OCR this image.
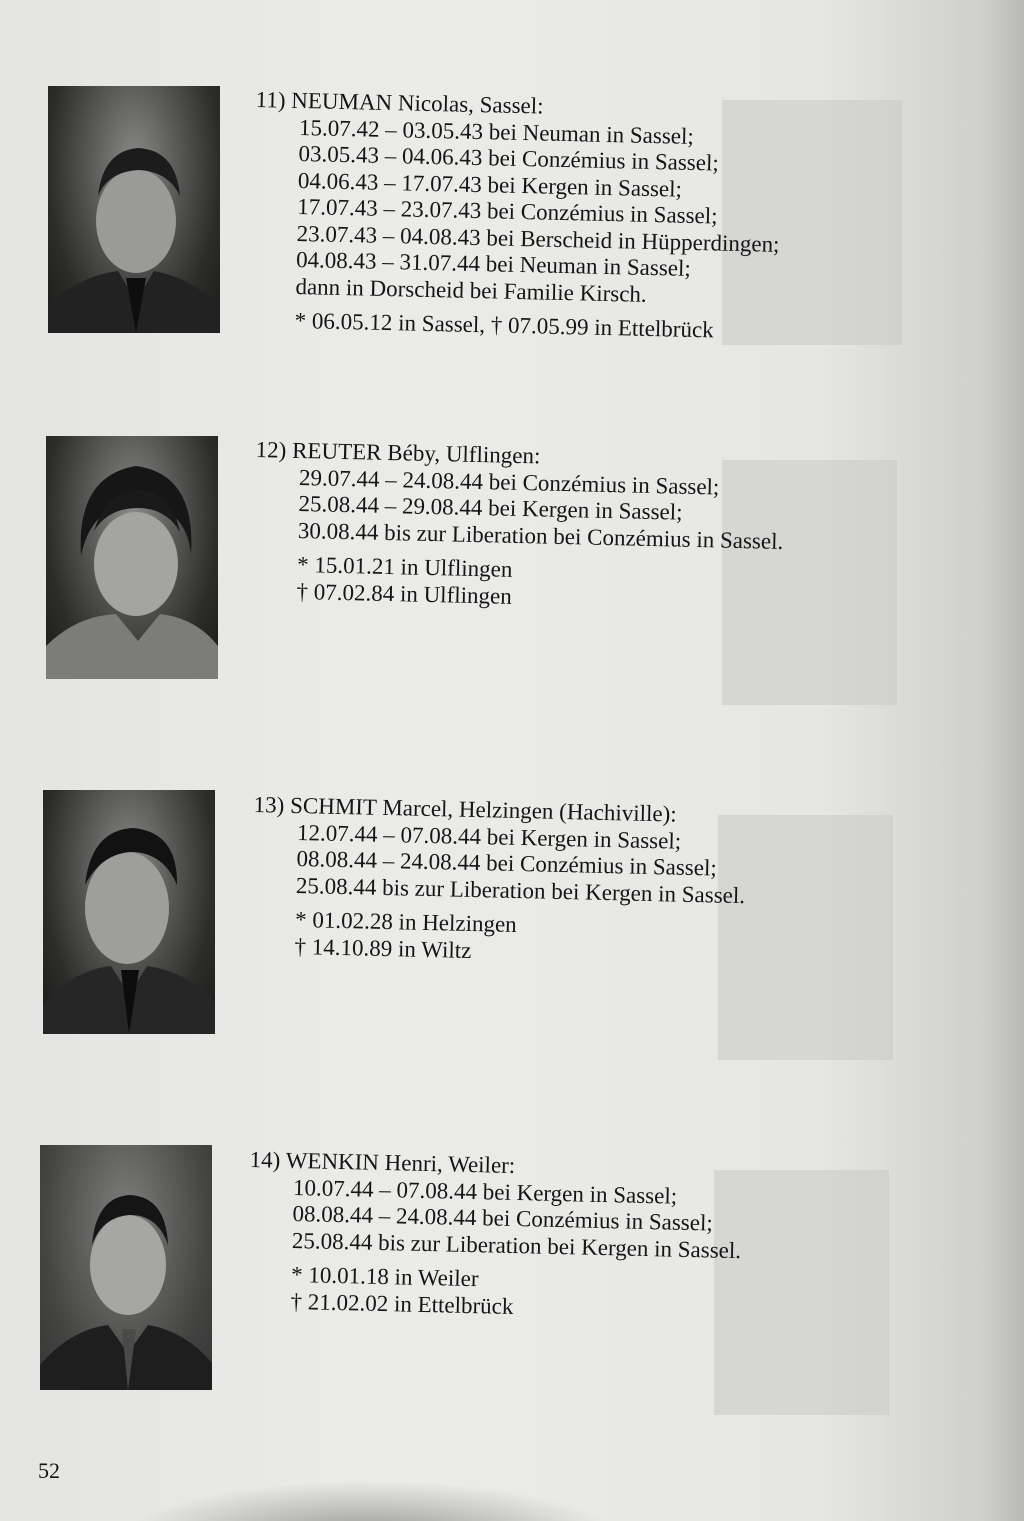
11) NEUMAN Nicolas, Sassel:
15.07.42 – 03.05.43 bei Neuman in Sassel;
03.05.43 – 04.06.43 bei Conzémius in Sassel;
04.06.43 – 17.07.43 bei Kergen in Sassel;
17.07.43 – 23.07.43 bei Conzémius in Sassel;
23.07.43 – 04.08.43 bei Berscheid in Hüpperdingen;
04.08.43 – 31.07.44 bei Neuman in Sassel;
dann in Dorscheid bei Familie Kirsch.
* 06.05.12 in Sassel, † 07.05.99 in Ettelbrück
12) REUTER Béby, Ulflingen:
29.07.44 – 24.08.44 bei Conzémius in Sassel;
25.08.44 – 29.08.44 bei Kergen in Sassel;
30.08.44 bis zur Liberation bei Conzémius in Sassel.
* 15.01.21 in Ulflingen
† 07.02.84 in Ulflingen
13) SCHMIT Marcel, Helzingen (Hachiville):
12.07.44 – 07.08.44 bei Kergen in Sassel;
08.08.44 – 24.08.44 bei Conzémius in Sassel;
25.08.44 bis zur Liberation bei Kergen in Sassel.
* 01.02.28 in Helzingen
† 14.10.89 in Wiltz
14) WENKIN Henri, Weiler:
10.07.44 – 07.08.44 bei Kergen in Sassel;
08.08.44 – 24.08.44 bei Conzémius in Sassel;
25.08.44 bis zur Liberation bei Kergen in Sassel.
* 10.01.18 in Weiler
† 21.02.02 in Ettelbrück
52
